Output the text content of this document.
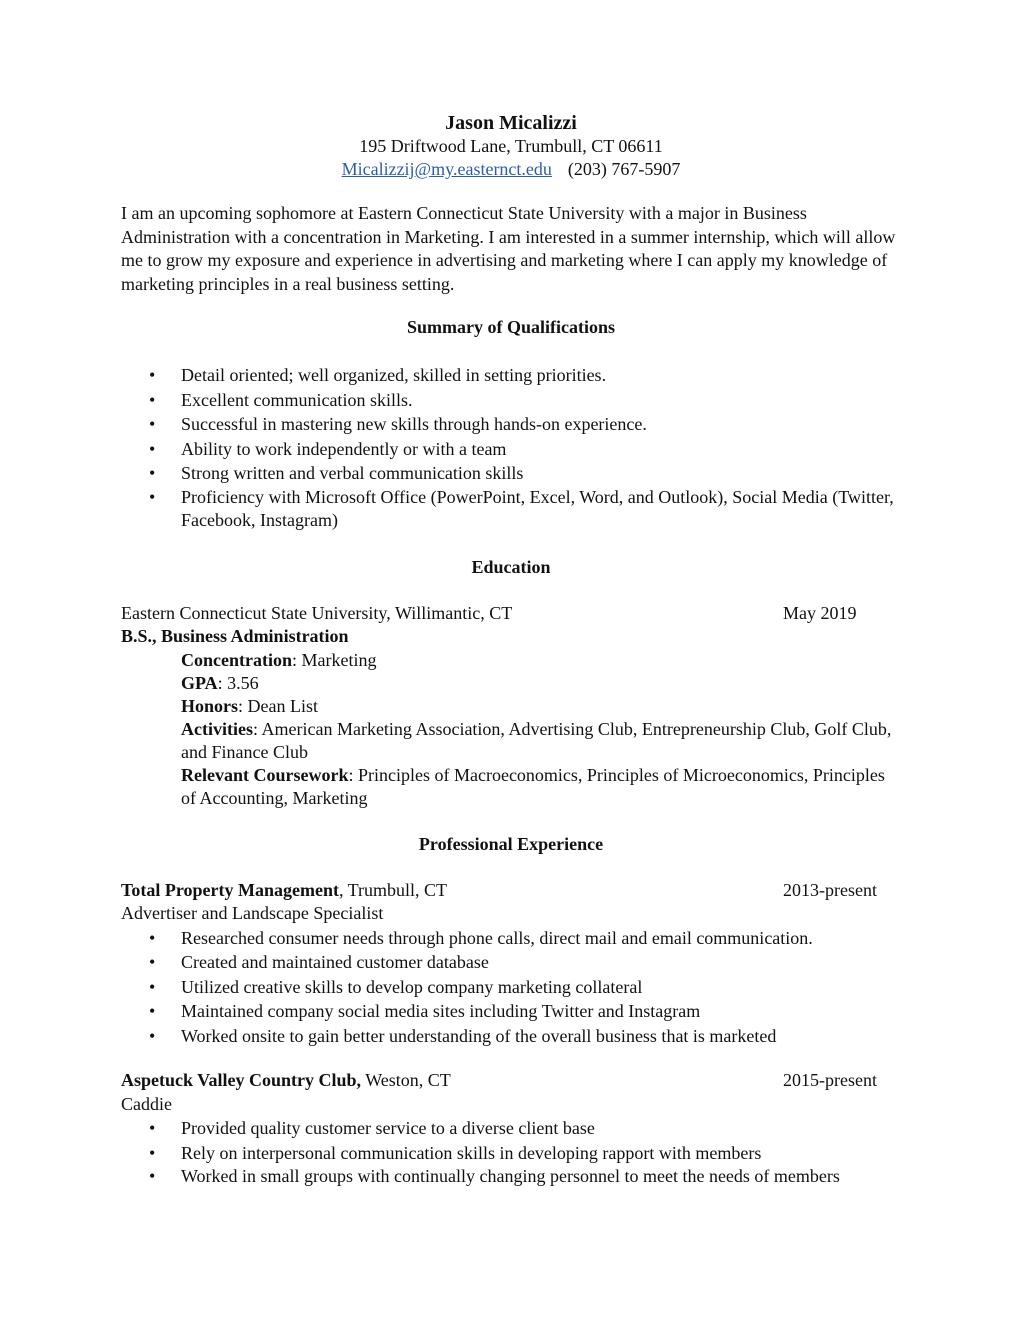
Jason Micalizzi

195 Driftwood Lane, Trumbull, CT 06611

Micalizzij@my.easternct.edu (203) 767-5907

I am an upcoming sophomore at Eastern Connecticut State University with a major in Business Administration with a concentration in Marketing. I am interested in a summer internship, which will allow me to grow my exposure and experience in advertising and marketing where I can apply my knowledge of marketing principles in a real business setting.

Summary of Qualifications

• Detail oriented; well organized, skilled in setting priorities.
• Excellent communication skills.
• Successful in mastering new skills through hands-on experience.
• Ability to work independently or with a team
• Strong written and verbal communication skills
• Proficiency with Microsoft Office (PowerPoint, Excel, Word, and Outlook), Social Media (Twitter, Facebook, Instagram)

Education

Eastern Connecticut State University, Willimantic, CT	May 2019
B.S., Business Administration
Concentration: Marketing
GPA: 3.56
Honors: Dean List
Activities: American Marketing Association, Advertising Club, Entrepreneurship Club, Golf Club, and Finance Club
Relevant Coursework: Principles of Macroeconomics, Principles of Microeconomics, Principles of Accounting, Marketing

Professional Experience

Total Property Management, Trumbull, CT	2013-present
Advertiser and Landscape Specialist
• Researched consumer needs through phone calls, direct mail and email communication.
• Created and maintained customer database
• Utilized creative skills to develop company marketing collateral
• Maintained company social media sites including Twitter and Instagram
• Worked onsite to gain better understanding of the overall business that is marketed
Aspetuck Valley Country Club, Weston, CT	2015-present
Caddie
• Provided quality customer service to a diverse client base
• Rely on interpersonal communication skills in developing rapport with members
• Worked in small groups with continually changing personnel to meet the needs of members
